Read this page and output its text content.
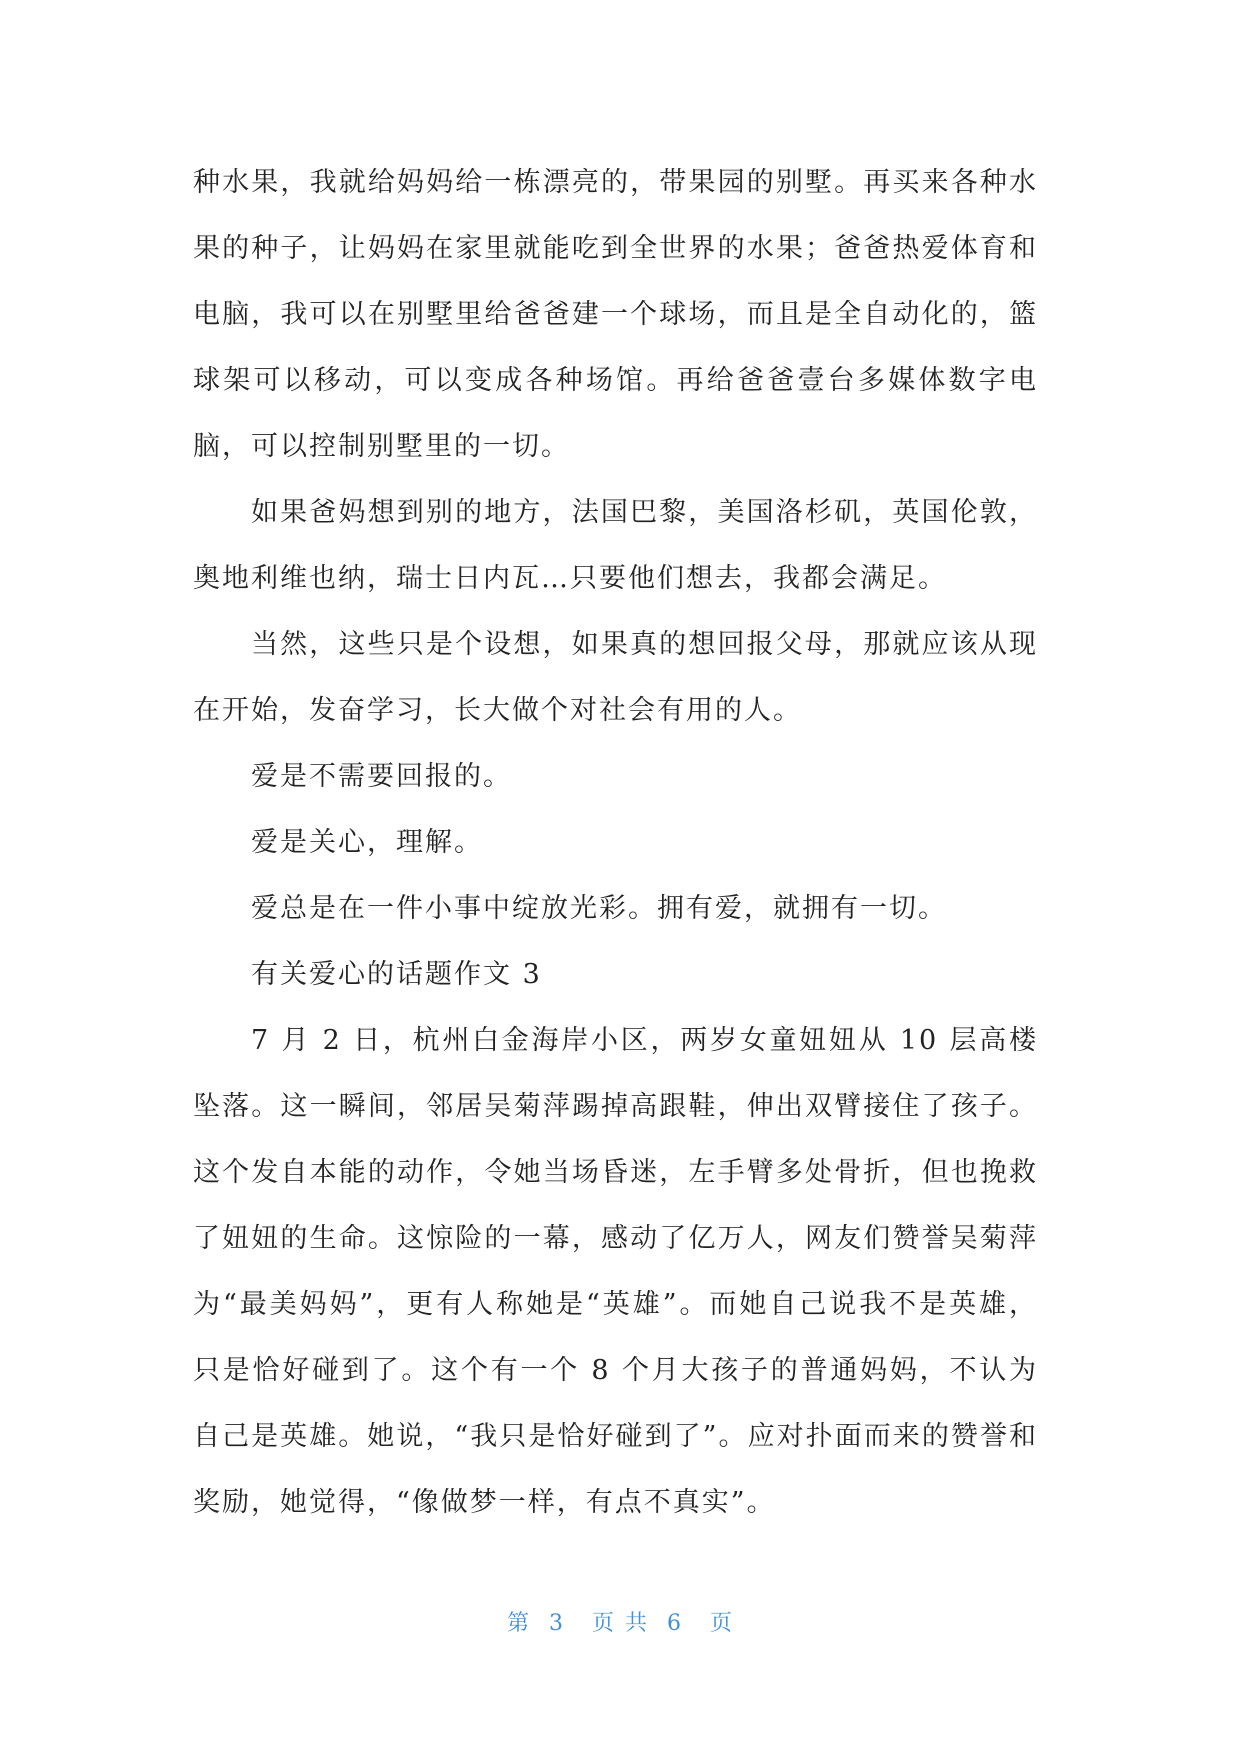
种水果，我就给妈妈给一栋漂亮的，带果园的别墅。再买来各种水果的种子，让妈妈在家里就能吃到全世界的水果；爸爸热爱体育和电脑，我可以在别墅里给爸爸建一个球场，而且是全自动化的，篮球架可以移动，可以变成各种场馆。再给爸爸壹台多媒体数字电脑，可以控制别墅里的一切。

如果爸妈想到别的地方，法国巴黎，美国洛杉矶，英国伦敦，奥地利维也纳，瑞士日内瓦…只要他们想去，我都会满足。

当然，这些只是个设想，如果真的想回报父母，那就应该从现在开始，发奋学习，长大做个对社会有用的人。

爱是不需要回报的。

爱是关心，理解。

爱总是在一件小事中绽放光彩。拥有爱，就拥有一切。

有关爱心的话题作文 3

7 月 2 日，杭州白金海岸小区，两岁女童妞妞从 10 层高楼坠落。这一瞬间，邻居吴菊萍踢掉高跟鞋，伸出双臂接住了孩子。这个发自本能的动作，令她当场昏迷，左手臂多处骨折，但也挽救了妞妞的生命。这惊险的一幕，感动了亿万人，网友们赞誉吴菊萍为“最美妈妈”，更有人称她是“英雄”。而她自己说我不是英雄，只是恰好碰到了。这个有一个 8 个月大孩子的普通妈妈，不认为自己是英雄。她说，“我只是恰好碰到了”。应对扑面而来的赞誉和奖励，她觉得，“像做梦一样，有点不真实”。

第  3   页 共  6   页
